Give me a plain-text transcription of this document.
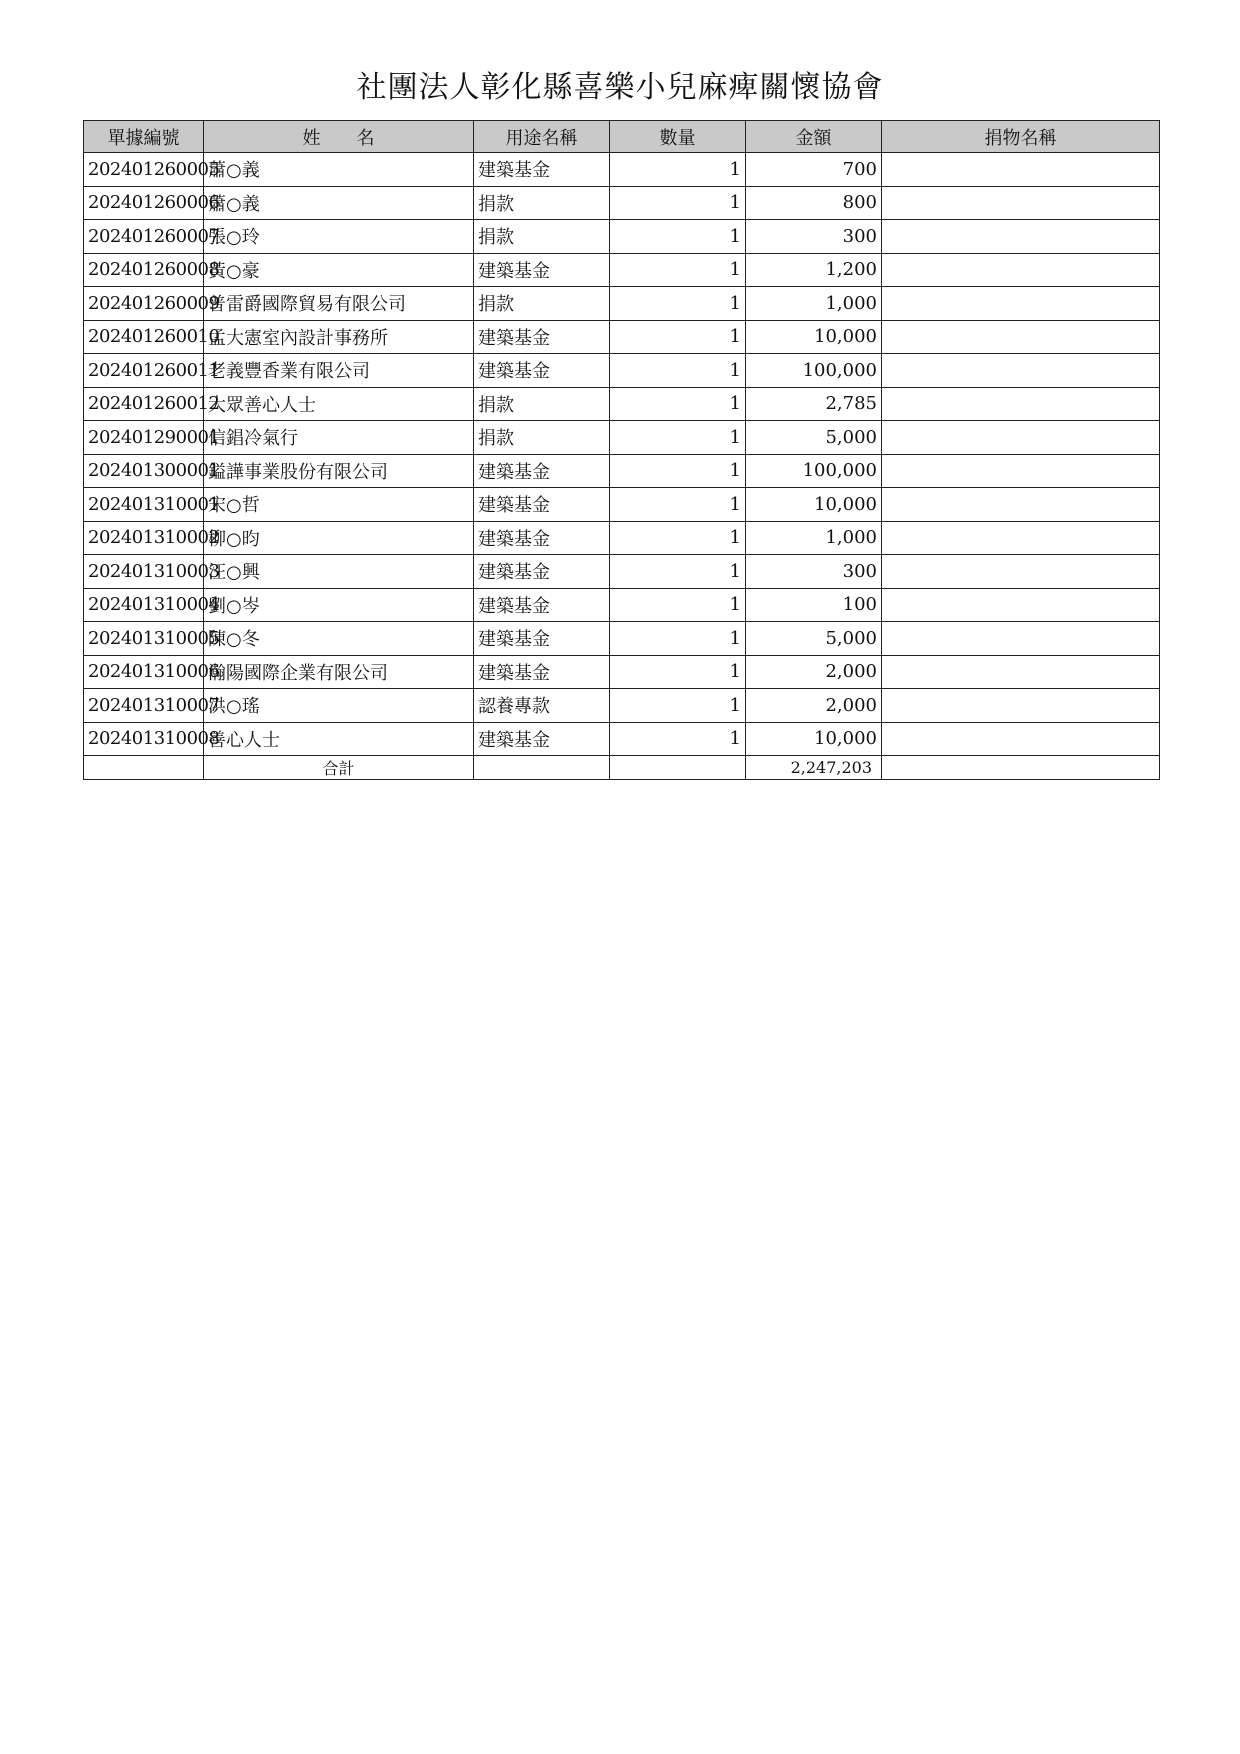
社團法人彰化縣喜樂小兒麻痺關懷協會
單據編號	姓　　名	用途名稱	數量	金額	捐物名稱
202401260005	蕭○義	建築基金	1	700	
202401260006	蕭○義	捐款	1	800	
202401260007	張○玲	捐款	1	300	
202401260008	黃○豪	建築基金	1	1,200	
202401260009	普雷爵國際貿易有限公司	捐款	1	1,000	
202401260010	孟大憲室內設計事務所	建築基金	1	10,000	
202401260011	老義豐香業有限公司	建築基金	1	100,000	
202401260012	大眾善心人士	捐款	1	2,785	
202401290001	信錩冷氣行	捐款	1	5,000	
202401300001	鎰譁事業股份有限公司	建築基金	1	100,000	
202401310001	宋○哲	建築基金	1	10,000	
202401310002	柳○昀	建築基金	1	1,000	
202401310003	汪○興	建築基金	1	300	
202401310004	劉○岑	建築基金	1	100	
202401310005	陳○冬	建築基金	1	5,000	
202401310006	瀚陽國際企業有限公司	建築基金	1	2,000	
202401310007	洪○瑤	認養專款	1	2,000	
202401310008	善心人士	建築基金	1	10,000	
	合計			2,247,203	
